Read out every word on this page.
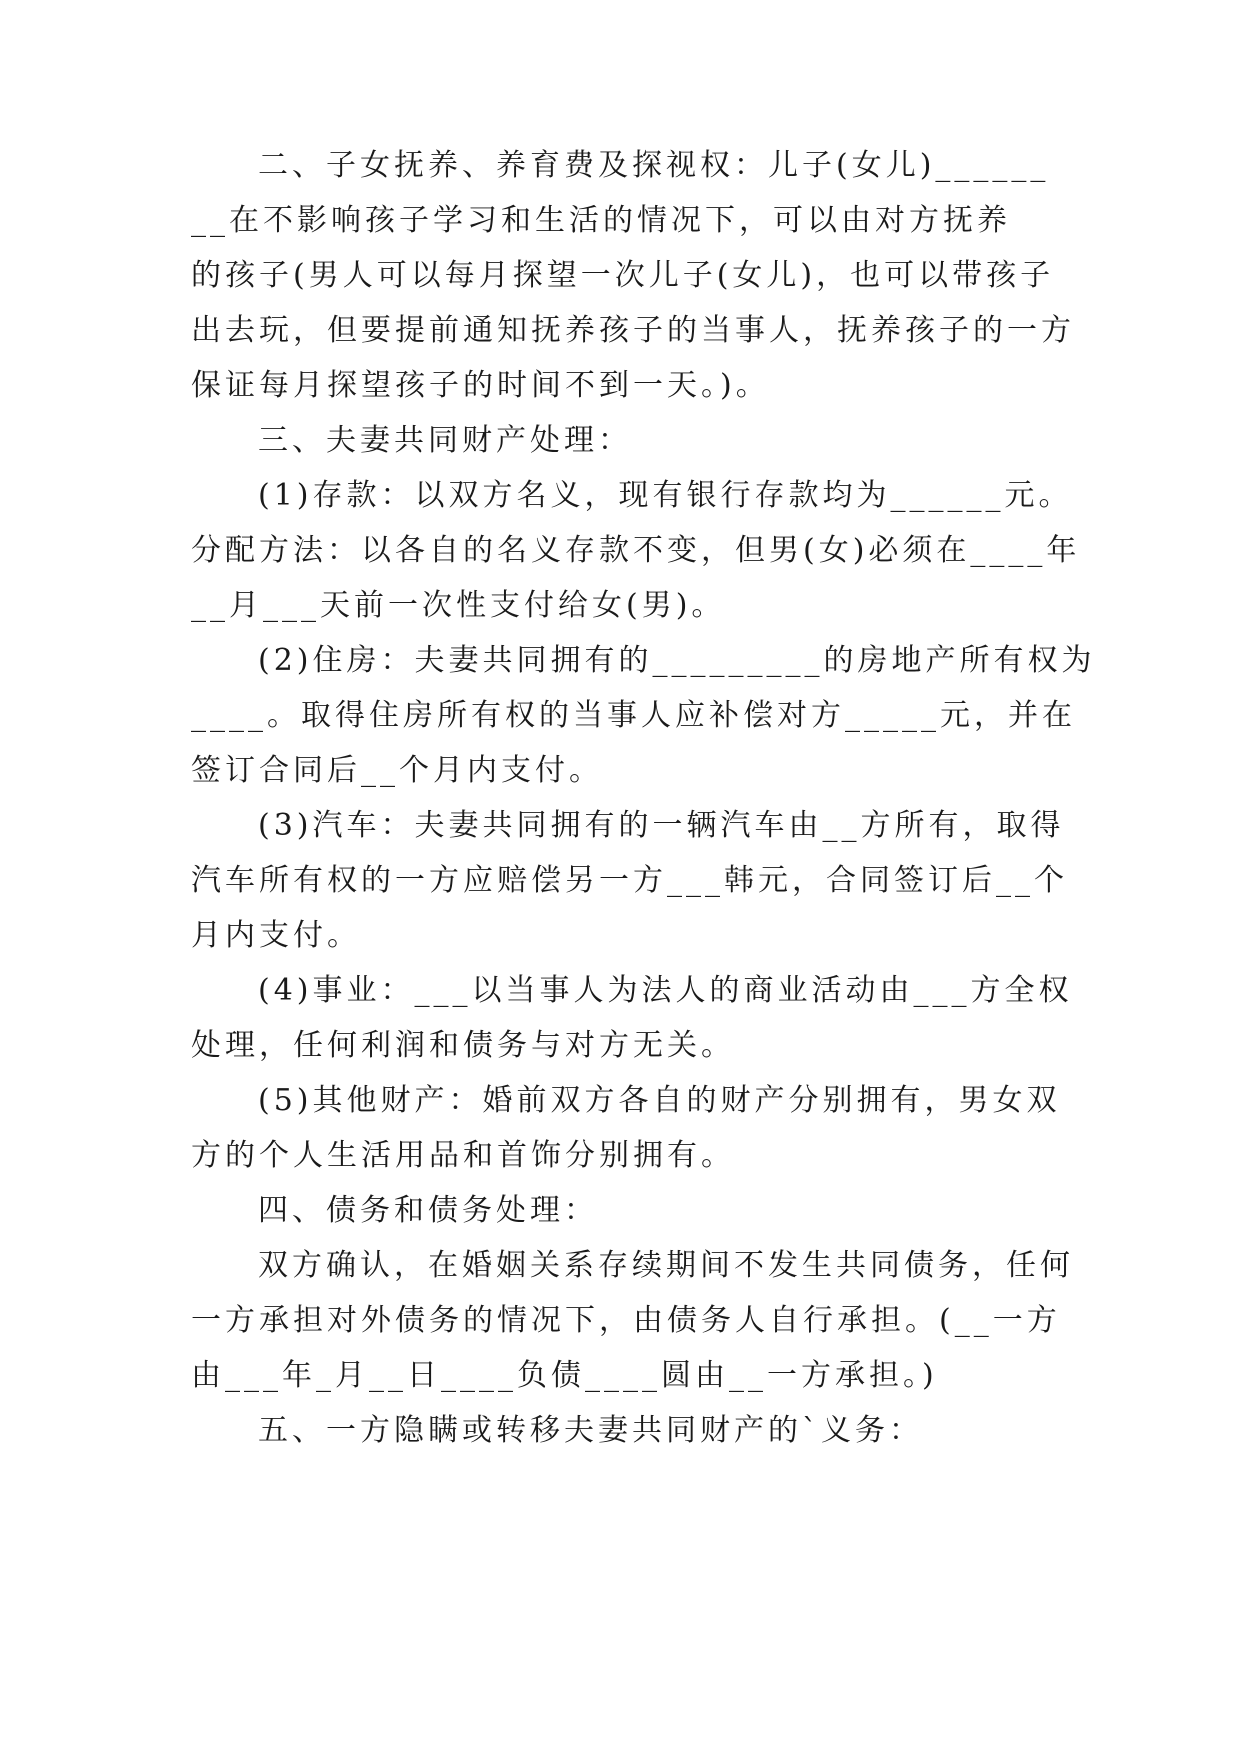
二、子女抚养、养育费及探视权：儿子(女儿)______
__在不影响孩子学习和生活的情况下，可以由对方抚养
的孩子(男人可以每月探望一次儿子(女儿)，也可以带孩子
出去玩，但要提前通知抚养孩子的当事人，抚养孩子的一方
保证每月探望孩子的时间不到一天。)。
三、夫妻共同财产处理：
(1)存款：以双方名义，现有银行存款均为______元。
分配方法：以各自的名义存款不变，但男(女)必须在____年
__月___天前一次性支付给女(男)。
(2)住房：夫妻共同拥有的_________的房地产所有权为
____。取得住房所有权的当事人应补偿对方_____元，并在
签订合同后__个月内支付。
(3)汽车：夫妻共同拥有的一辆汽车由__方所有，取得
汽车所有权的一方应赔偿另一方___韩元，合同签订后__个
月内支付。
(4)事业：___以当事人为法人的商业活动由___方全权
处理，任何利润和债务与对方无关。
(5)其他财产：婚前双方各自的财产分别拥有，男女双
方的个人生活用品和首饰分别拥有。
四、债务和债务处理：
双方确认，在婚姻关系存续期间不发生共同债务，任何
一方承担对外债务的情况下，由债务人自行承担。(__一方
由___年_月__日____负债____圆由__一方承担。)
五、一方隐瞒或转移夫妻共同财产的`义务：
